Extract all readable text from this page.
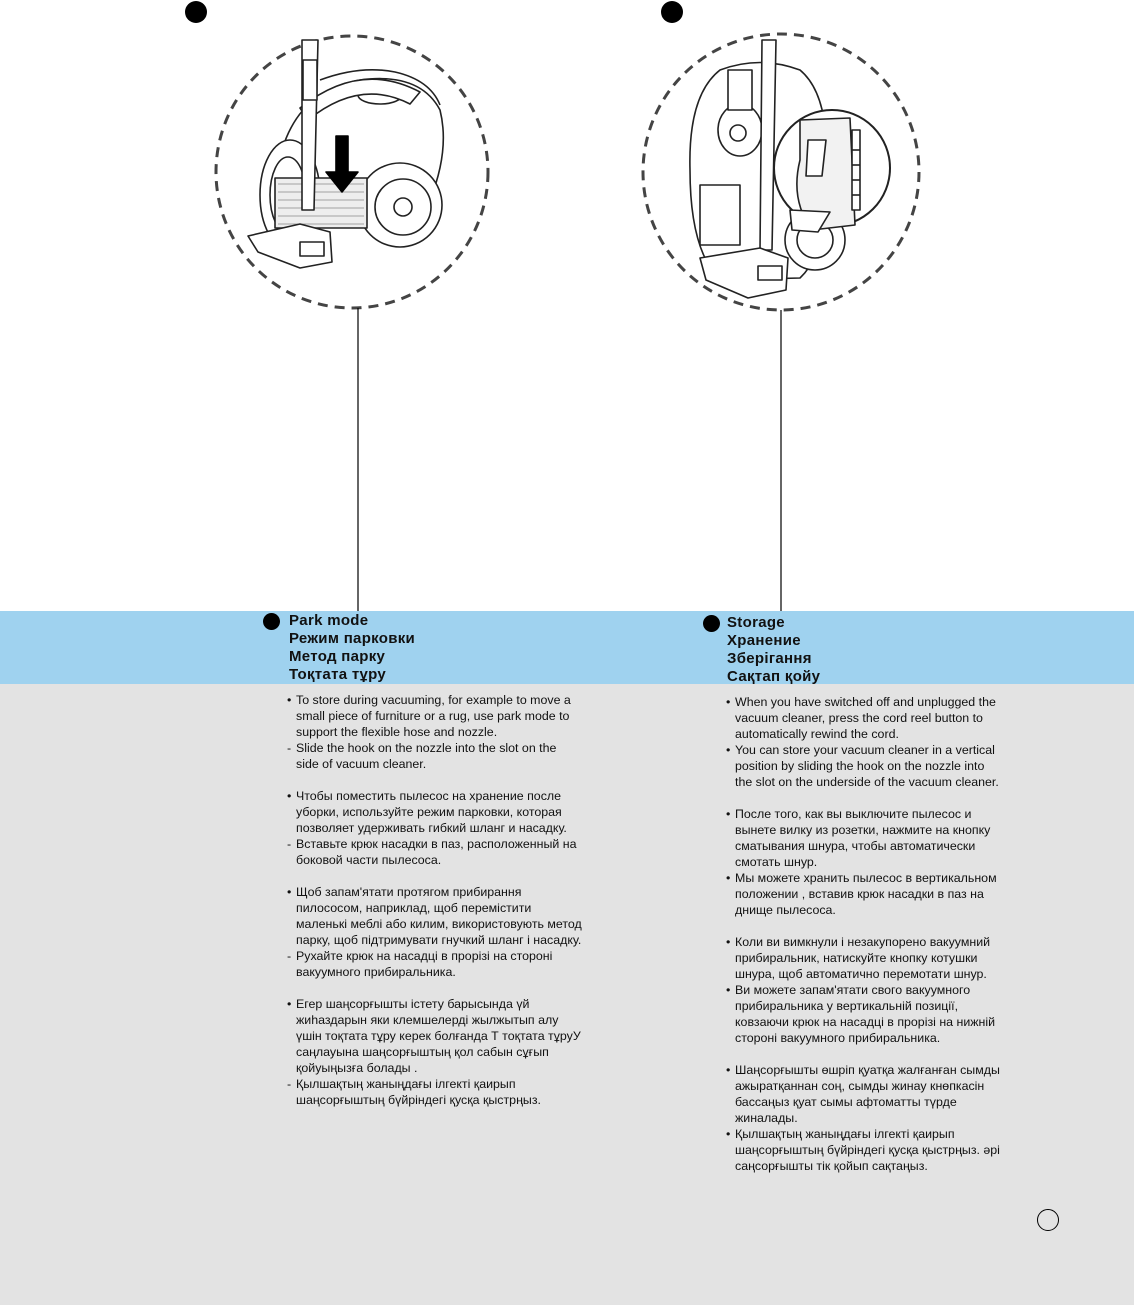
Park mode
Режим парковки
Метод парку
Тоқтата тұру
Storage
Хранение
Зберігання
Сақтап қойу
• To store during vacuuming, for example to move a small piece of furniture or a rug, use park mode to support the flexible hose and nozzle.
- Slide the hook on the nozzle into the slot on the side of vacuum cleaner.
• Чтобы поместить пылесос на хранение после уборки, используйте режим парковки, которая позволяет удерживать гибкий шланг и насадку.
- Вставьте крюк насадки в паз, расположенный на боковой части пылесоса.
• Щоб запам'ятати протягом прибирання пилососом, наприклад, щоб перемістити маленькі меблі або килим, використовують метод парку, щоб підтримувати гнучкий шланг і насадку.
- Рухайте крюк на насадці в прорізі на стороні вакуумного прибиральника.
• Егер шаңсорғышты істету барысында үй жиһаздарын яки клемшелерді жылжытып алу үшін тоқтата тұру керек болғанда Т тоқтата тұруУ саңлауына шаңсорғыштың қол сабын сұғып қойуыңызға болады .
- Қылшақтың жаныңдағы ілгекті қаирып шаңсорғыштың бүйріндегі қусқа қыстрңыз.
• When you have switched off and unplugged the vacuum cleaner, press the cord reel button to automatically rewind the cord.
• You can store your vacuum cleaner in a vertical position by sliding the hook on the nozzle into the slot on the underside of the vacuum cleaner.
• После того, как вы выключите пылесос и вынете вилку из розетки, нажмите на кнопку сматывания шнура, чтобы автоматически смотать шнур.
• Мы можете хранить пылесос в вертикальном положении , вставив крюк насадки в паз на днище пылесоса.
• Коли ви вимкнули і незакупорено вакуумний прибиральник, натискуйте кнопку котушки шнура, щоб автоматично перемотати шнур.
• Ви можете запам'ятати свого вакуумного прибиральника у вертикальній позиції, ковзаючи крюк на насадці в прорізі на нижній стороні вакуумного прибиральника.
• Шаңсорғышты өшріп қуатқа жалғанған сымды ажыратқаннан соң, сымды жинау кнөпкасін бассаңыз қуат сымы афтоматты түрде жиналады.
• Қылшақтың жаныңдағы ілгекті қаирып шаңсорғыштың бүйріндегі қусқа қыстрңыз. әрі саңсорғышты тік қойып сақтаңыз.
